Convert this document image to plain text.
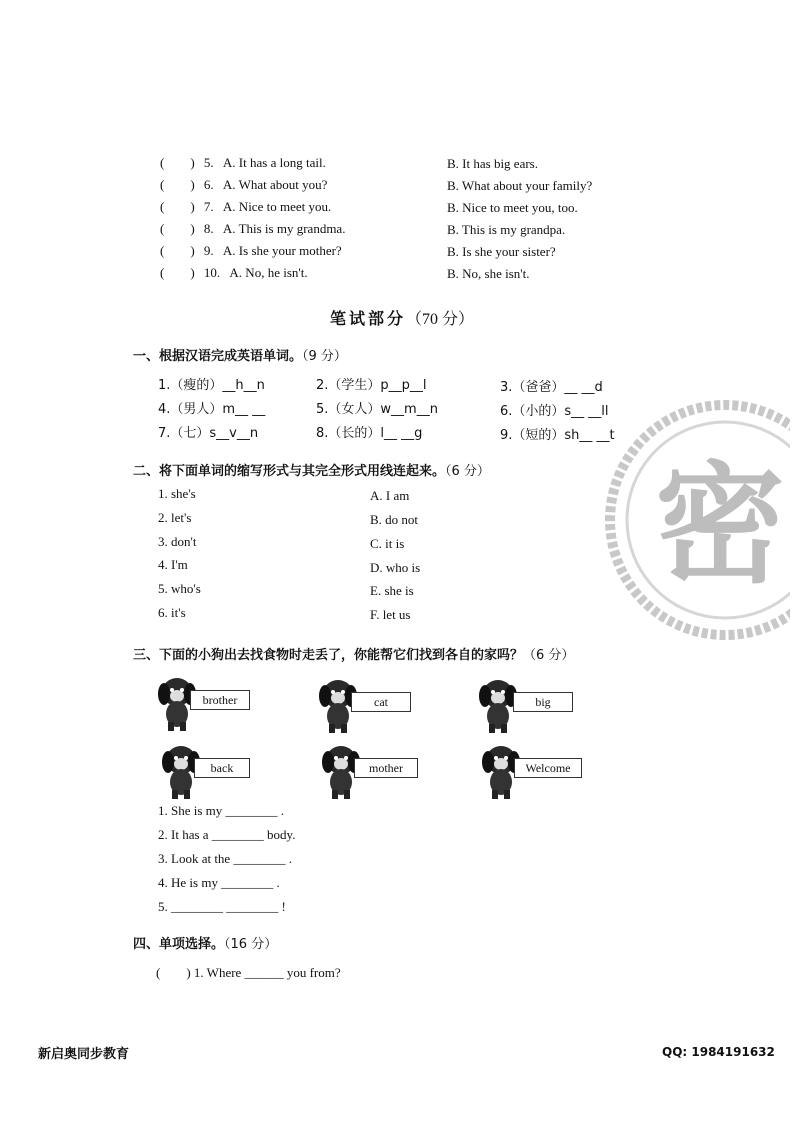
(　　) 5. A. It has a long tail.	B. It has big ears.
(　　) 6. A. What about you?	B. What about your family?
(　　) 7. A. Nice to meet you.	B. Nice to meet you, too.
(　　) 8. A. This is my grandma.	B. This is my grandpa.
(　　) 9. A. Is she your mother?	B. Is she your sister?
(　　) 10. A. No, he isn't.	B. No, she isn't.
笔试部分（70 分）
一、根据汉语完成英语单词。（9 分）
1.（瘦的）__h__n	2.（学生）p__p__l	3.（爸爸）__ __d
4.（男人）m__ __	5.（女人）w__m__n	6.（小的）s__ __ll
7.（七）s__v__n	8.（长的）l__ __g	9.（短的）sh__ __t
二、将下面单词的缩写形式与其完全形式用线连起来。（6 分）
1. she's
2. let's
3. don't
4. I'm
5. who's
6. it's
A. I am
B. do not
C. it is
D. who is
E. she is
F. let us
密
三、下面的小狗出去找食物时走丢了，你能帮它们找到各自的家吗？（6 分）
brother	cat	big
back	mother	Welcome
1. She is my ________ .
2. It has a ________ body.
3. Look at the ________ .
4. He is my ________ .
5. ________ ________ !
四、单项选择。（16 分）
(　　) 1. Where ______ you from?
新启奥同步教育	QQ: 1984191632
